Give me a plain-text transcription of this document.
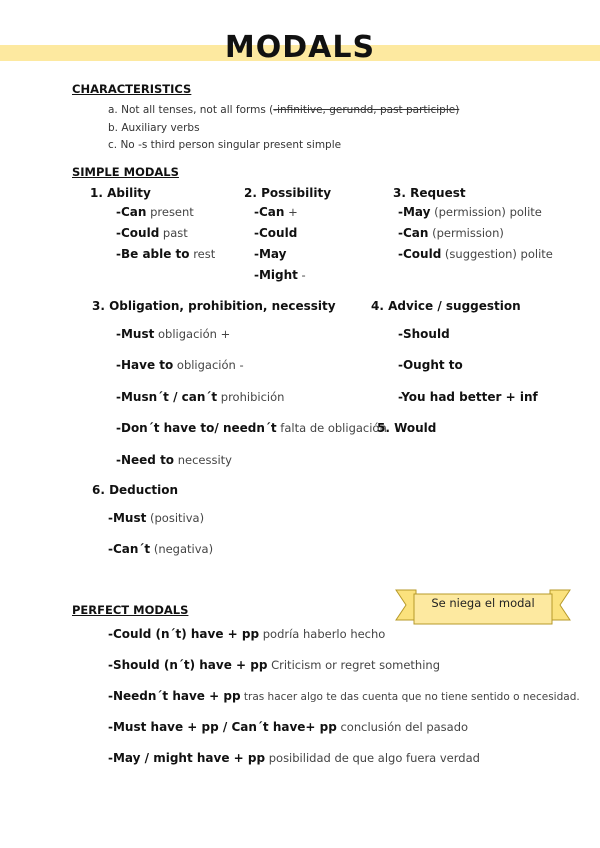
MODALS
CHARACTERISTICS
a. Not all tenses, not all forms (-infinitive, gerundd, past participle)
b. Auxiliary verbs
c. No -s third person singular present simple
SIMPLE MODALS
1. Ability
-Can present
-Could past
-Be able to rest
2. Possibility
-Can +
-Could
-May
-Might -
3. Request
-May (permission) polite
-Can (permission)
-Could (suggestion) polite
3. Obligation, prohibition, necessity
-Must obligación +
-Have to obligación -
-Musn´t / can´t prohibición
-Don´t have to/ needn´t falta de obligación
-Need to necessity
4. Advice / suggestion
-Should
-Ought to
-You had better + inf
5. Would
6. Deduction
-Must (positiva)
-Can´t (negativa)
PERFECT MODALS	Se niega el modal
-Could (n´t) have + pp podría haberlo hecho
-Should (n´t) have + pp Criticism or regret something
-Needn´t have + pp tras hacer algo te das cuenta que no tiene sentido o necesidad.
-Must have + pp / Can´t have+ pp conclusión del pasado
-May / might have + pp posibilidad de que algo fuera verdad
